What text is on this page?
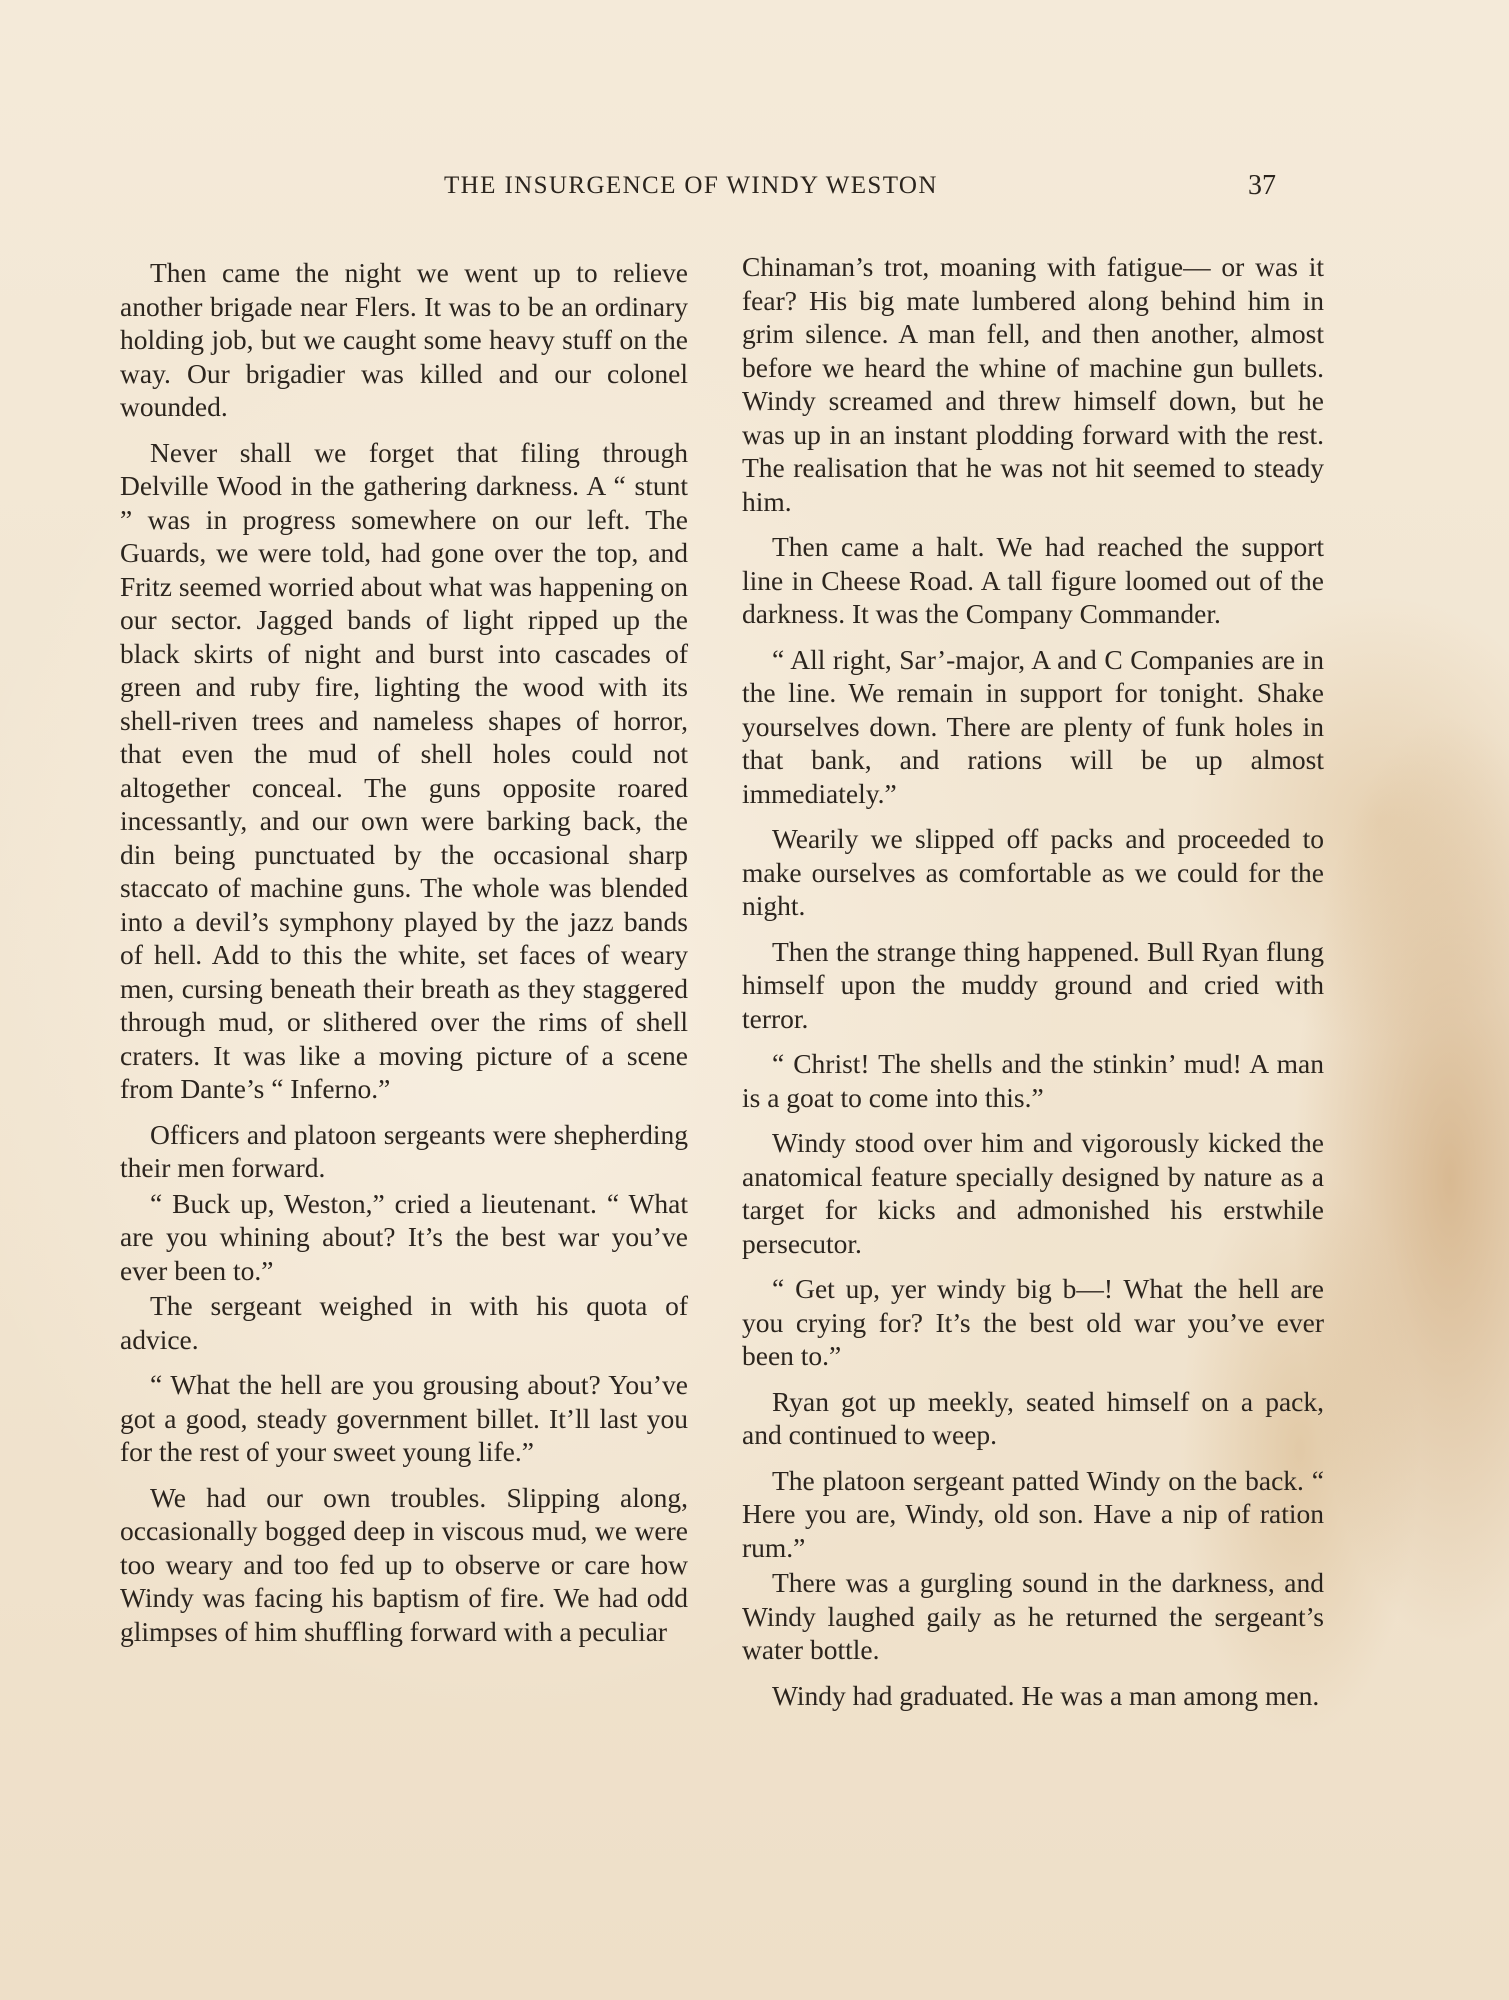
THE INSURGENCE OF WINDY WESTON	37

Then came the night we went up to relieve another brigade near Flers. It was to be an ordinary holding job, but we caught some heavy stuff on the way. Our brigadier was killed and our colonel wounded.

Never shall we forget that filing through Delville Wood in the gathering darkness. A “ stunt ” was in progress somewhere on our left. The Guards, we were told, had gone over the top, and Fritz seemed worried about what was happening on our sector. Jagged bands of light ripped up the black skirts of night and burst into cascades of green and ruby fire, lighting the wood with its shell-riven trees and nameless shapes of horror, that even the mud of shell holes could not altogether conceal. The guns opposite roared incessantly, and our own were barking back, the din being punctuated by the occasional sharp staccato of machine guns. The whole was blended into a devil’s symphony played by the jazz bands of hell. Add to this the white, set faces of weary men, cursing beneath their breath as they staggered through mud, or slithered over the rims of shell craters. It was like a moving picture of a scene from Dante’s “ Inferno.”

Officers and platoon sergeants were shepherding their men forward.

“ Buck up, Weston,” cried a lieutenant. “ What are you whining about? It’s the best war you’ve ever been to.”

The sergeant weighed in with his quota of advice.

“ What the hell are you grousing about? You’ve got a good, steady government billet. It’ll last you for the rest of your sweet young life.”

We had our own troubles. Slipping along, occasionally bogged deep in viscous mud, we were too weary and too fed up to observe or care how Windy was facing his baptism of fire. We had odd glimpses of him shuffling forward with a peculiar

Chinaman’s trot, moaning with fatigue— or was it fear? His big mate lumbered along behind him in grim silence. A man fell, and then another, almost before we heard the whine of machine gun bullets. Windy screamed and threw himself down, but he was up in an instant plodding forward with the rest. The realisation that he was not hit seemed to steady him.

Then came a halt. We had reached the support line in Cheese Road. A tall figure loomed out of the darkness. It was the Company Commander.

“ All right, Sar’-major, A and C Companies are in the line. We remain in support for tonight. Shake yourselves down. There are plenty of funk holes in that bank, and rations will be up almost immediately.”

Wearily we slipped off packs and proceeded to make ourselves as comfortable as we could for the night.

Then the strange thing happened. Bull Ryan flung himself upon the muddy ground and cried with terror.

“ Christ! The shells and the stinkin’ mud! A man is a goat to come into this.”

Windy stood over him and vigorously kicked the anatomical feature specially designed by nature as a target for kicks and admonished his erstwhile persecutor.

“ Get up, yer windy big b—! What the hell are you crying for? It’s the best old war you’ve ever been to.”

Ryan got up meekly, seated himself on a pack, and continued to weep.

The platoon sergeant patted Windy on the back. “ Here you are, Windy, old son. Have a nip of ration rum.”

There was a gurgling sound in the darkness, and Windy laughed gaily as he returned the sergeant’s water bottle.

Windy had graduated. He was a man among men.
